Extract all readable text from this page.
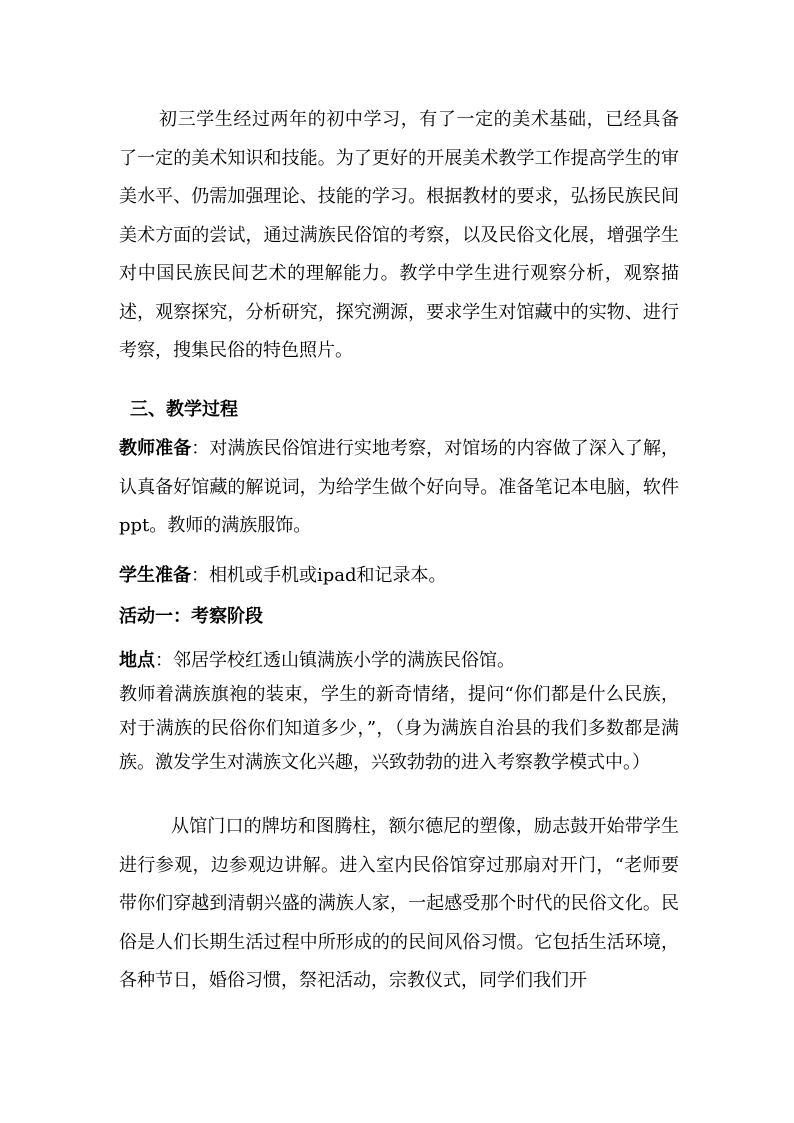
初三学生经过两年的初中学习，有了一定的美术基础，已经具备了一定的美术知识和技能。为了更好的开展美术教学工作提高学生的审美水平、仍需加强理论、技能的学习。根据教材的要求，弘扬民族民间美术方面的尝试，通过满族民俗馆的考察，以及民俗文化展，增强学生对中国民族民间艺术的理解能力。教学中学生进行观察分析，观察描述，观察探究，分析研究，探究溯源，要求学生对馆藏中的实物、进行考察，搜集民俗的特色照片。

三、教学过程

教师准备：对满族民俗馆进行实地考察，对馆场的内容做了深入了解，认真备好馆藏的解说词，为给学生做个好向导。准备笔记本电脑，软件ppt。教师的满族服饰。

学生准备：相机或手机或ipad和记录本。

活动一：考察阶段

地点：邻居学校红透山镇满族小学的满族民俗馆。

教师着满族旗袍的装束，学生的新奇情绪，提问“你们都是什么民族，对于满族的民俗你们知道多少，”，（身为满族自治县的我们多数都是满族。激发学生对满族文化兴趣，兴致勃勃的进入考察教学模式中。）

从馆门口的牌坊和图腾柱，额尔德尼的塑像，励志鼓开始带学生进行参观，边参观边讲解。进入室内民俗馆穿过那扇对开门，“老师要带你们穿越到清朝兴盛的满族人家，一起感受那个时代的民俗文化。民俗是人们长期生活过程中所形成的的民间风俗习惯。它包括生活环境，各种节日，婚俗习惯，祭祀活动，宗教仪式，同学们我们开
